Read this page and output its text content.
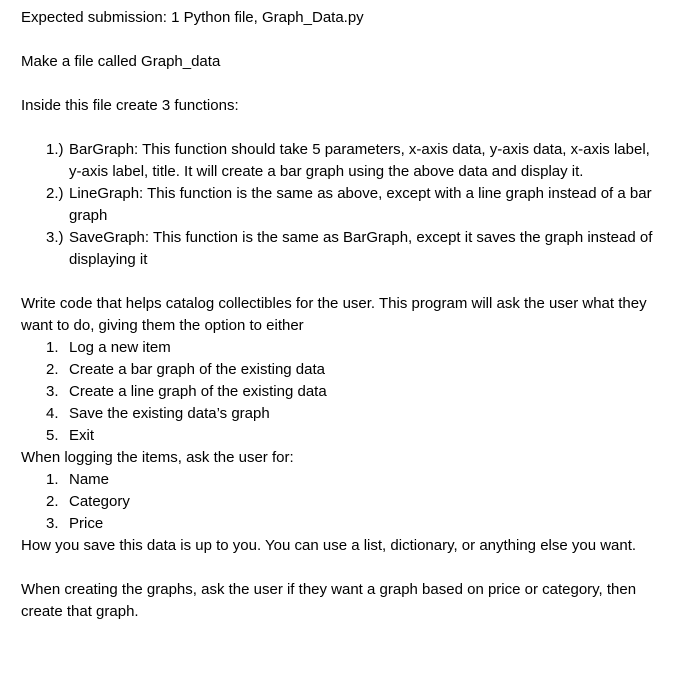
Expected submission: 1 Python file, Graph_Data.py

Make a file called Graph_data

Inside this file create 3 functions:

1.) BarGraph: This function should take 5 parameters, x-axis data, y-axis data, x-axis label, y-axis label, title. It will create a bar graph using the above data and display it.
2.) LineGraph: This function is the same as above, except with a line graph instead of a bar graph
3.) SaveGraph: This function is the same as BarGraph, except it saves the graph instead of displaying it

Write code that helps catalog collectibles for the user. This program will ask the user what they want to do, giving them the option to either

1. Log a new item
2. Create a bar graph of the existing data
3. Create a line graph of the existing data
4. Save the existing data’s graph
5. Exit

When logging the items, ask the user for:

1. Name
2. Category
3. Price

How you save this data is up to you. You can use a list, dictionary, or anything else you want.

When creating the graphs, ask the user if they want a graph based on price or category, then create that graph.
